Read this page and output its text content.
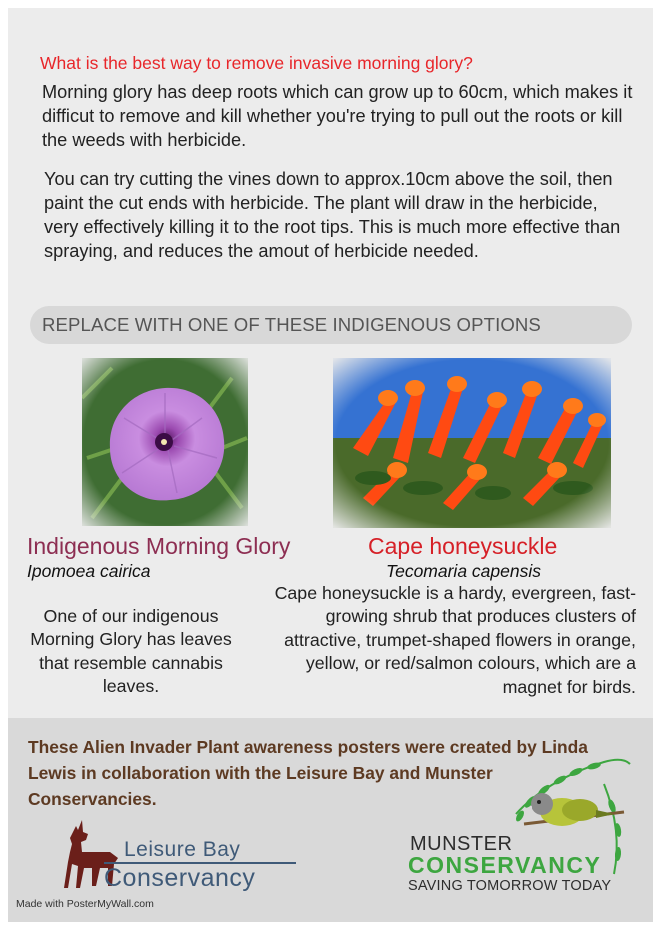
What is the best way to remove invasive morning glory?
Morning glory has deep roots which can grow up to 60cm, which makes it difficut to remove and kill whether you're trying to pull out the roots or kill the weeds with herbicide.
You can try cutting the vines down to approx.10cm above the soil, then paint the cut ends with herbicide. The plant will draw in the herbicide, very effectively killing it to the root tips. This is much more effective than spraying, and reduces the amout of herbicide needed.
REPLACE WITH ONE OF THESE INDIGENOUS OPTIONS
Indigenous Morning Glory	Cape honeysuckle
Ipomoea cairica	Tecomaria capensis
One of our indigenous Morning Glory has leaves that resemble cannabis leaves.
Cape honeysuckle is a hardy, evergreen, fast-growing shrub that produces clusters of attractive, trumpet-shaped flowers in orange, yellow, or red/salmon colours, which are a magnet for birds.
These Alien Invader Plant awareness posters were created by Linda Lewis in collaboration with the Leisure Bay and Munster Conservancies.
Leisure Bay
Conservancy
MUNSTER
CONSERVANCY
SAVING TOMORROW TODAY
Made with PosterMyWall.com
